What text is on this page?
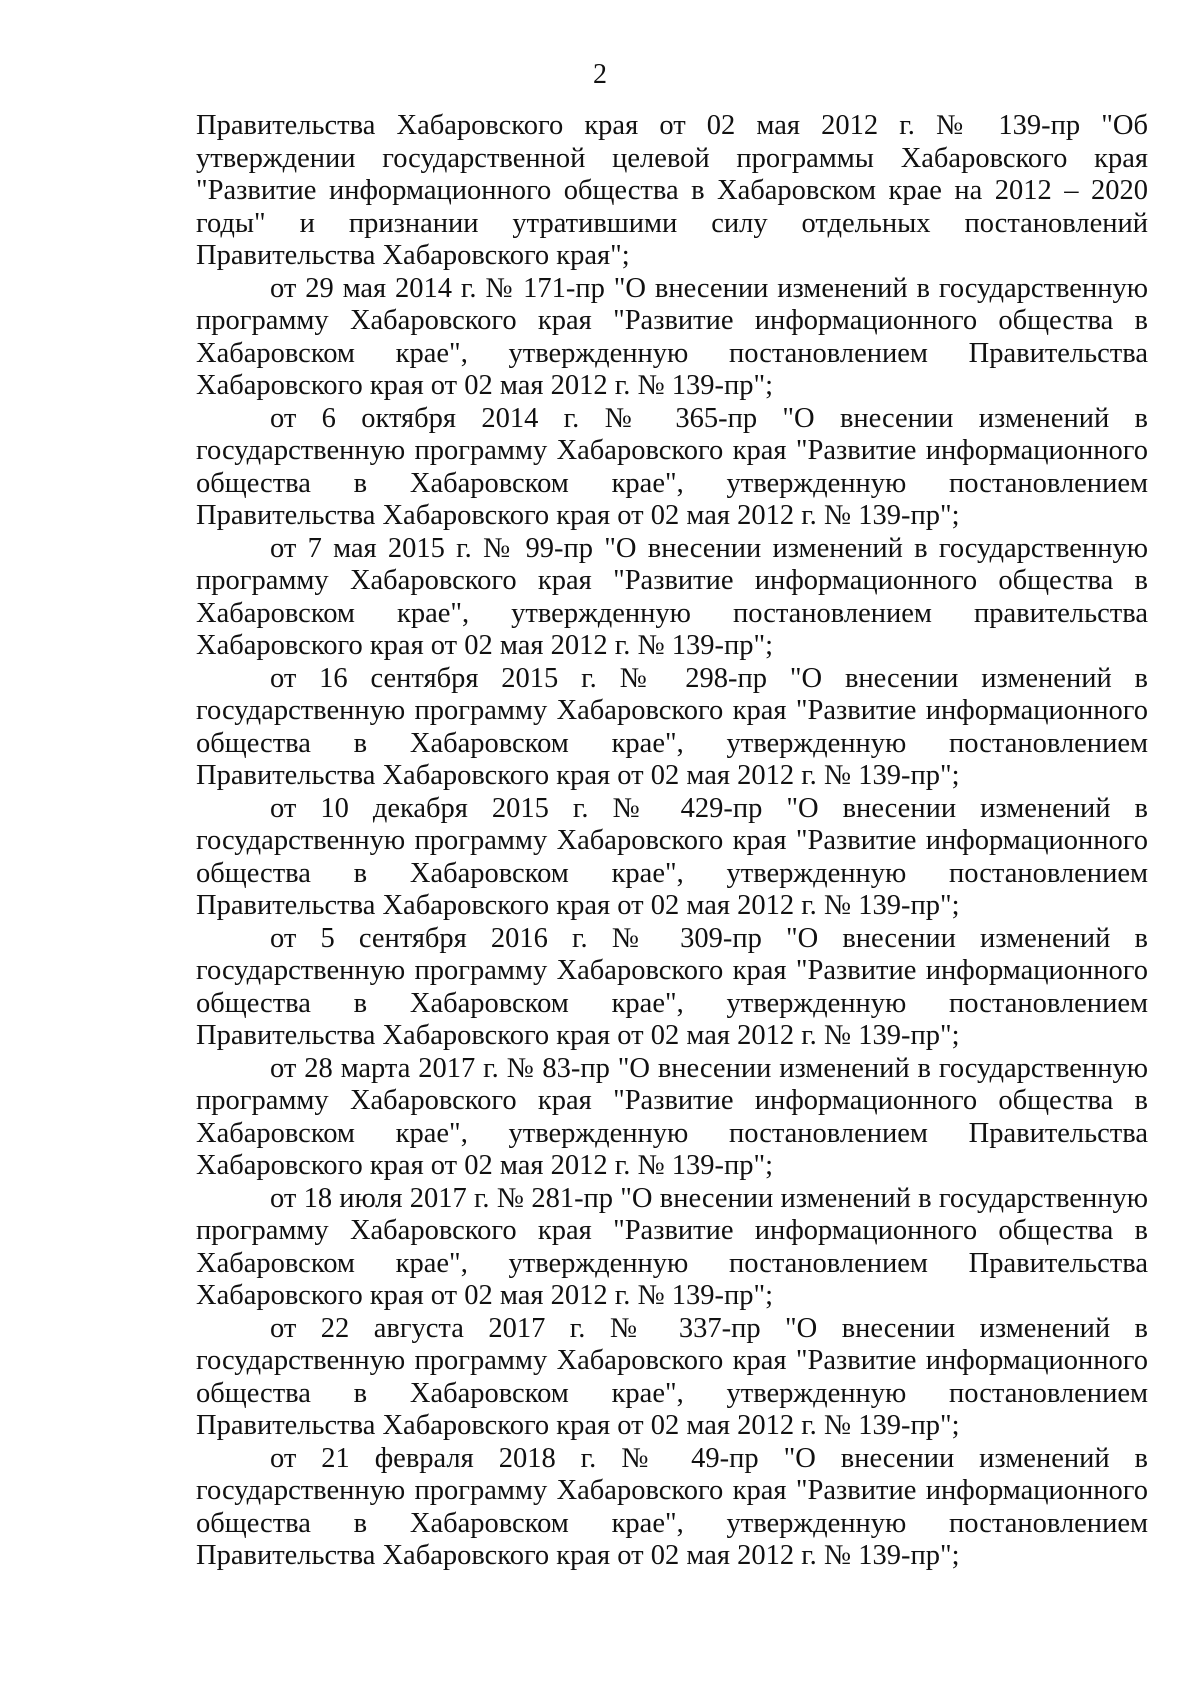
2

Правительства Хабаровского края от 02 мая 2012 г. № 139-пр "Об утверждении государственной целевой программы Хабаровского края "Развитие информационного общества в Хабаровском крае на 2012 – 2020 годы" и признании утратившими силу отдельных постановлений Правительства Хабаровского края";

от 29 мая 2014 г. № 171-пр "О внесении изменений в государственную программу Хабаровского края "Развитие информационного общества в Хабаровском крае", утвержденную постановлением Правительства Хабаровского края от 02 мая 2012 г. № 139-пр";

от 6 октября 2014 г. № 365-пр "О внесении изменений в государственную программу Хабаровского края "Развитие информационного общества в Хабаровском крае", утвержденную постановлением Правительства Хабаровского края от 02 мая 2012 г. № 139-пр";

от 7 мая 2015 г. № 99-пр "О внесении изменений в государственную программу Хабаровского края "Развитие информационного общества в Хабаровском крае", утвержденную постановлением правительства Хабаровского края от 02 мая 2012 г. № 139-пр";

от 16 сентября 2015 г. № 298-пр "О внесении изменений в государственную программу Хабаровского края "Развитие информационного общества в Хабаровском крае", утвержденную постановлением Правительства Хабаровского края от 02 мая 2012 г. № 139-пр";

от 10 декабря 2015 г. № 429-пр "О внесении изменений в государственную программу Хабаровского края "Развитие информационного общества в Хабаровском крае", утвержденную постановлением Правительства Хабаровского края от 02 мая 2012 г. № 139-пр";

от 5 сентября 2016 г. № 309-пр "О внесении изменений в государственную программу Хабаровского края "Развитие информационного общества в Хабаровском крае", утвержденную постановлением Правительства Хабаровского края от 02 мая 2012 г. № 139-пр";

от 28 марта 2017 г. № 83-пр "О внесении изменений в государственную программу Хабаровского края "Развитие информационного общества в Хабаровском крае", утвержденную постановлением Правительства Хабаровского края от 02 мая 2012 г. № 139-пр";

от 18 июля 2017 г. № 281-пр "О внесении изменений в государственную программу Хабаровского края "Развитие информационного общества в Хабаровском крае", утвержденную постановлением Правительства Хабаровского края от 02 мая 2012 г. № 139-пр";

от 22 августа 2017 г. № 337-пр "О внесении изменений в государственную программу Хабаровского края "Развитие информационного общества в Хабаровском крае", утвержденную постановлением Правительства Хабаровского края от 02 мая 2012 г. № 139-пр";

от 21 февраля 2018 г. № 49-пр "О внесении изменений в государственную программу Хабаровского края "Развитие информационного общества в Хабаровском крае", утвержденную постановлением Правительства Хабаровского края от 02 мая 2012 г. № 139-пр";
